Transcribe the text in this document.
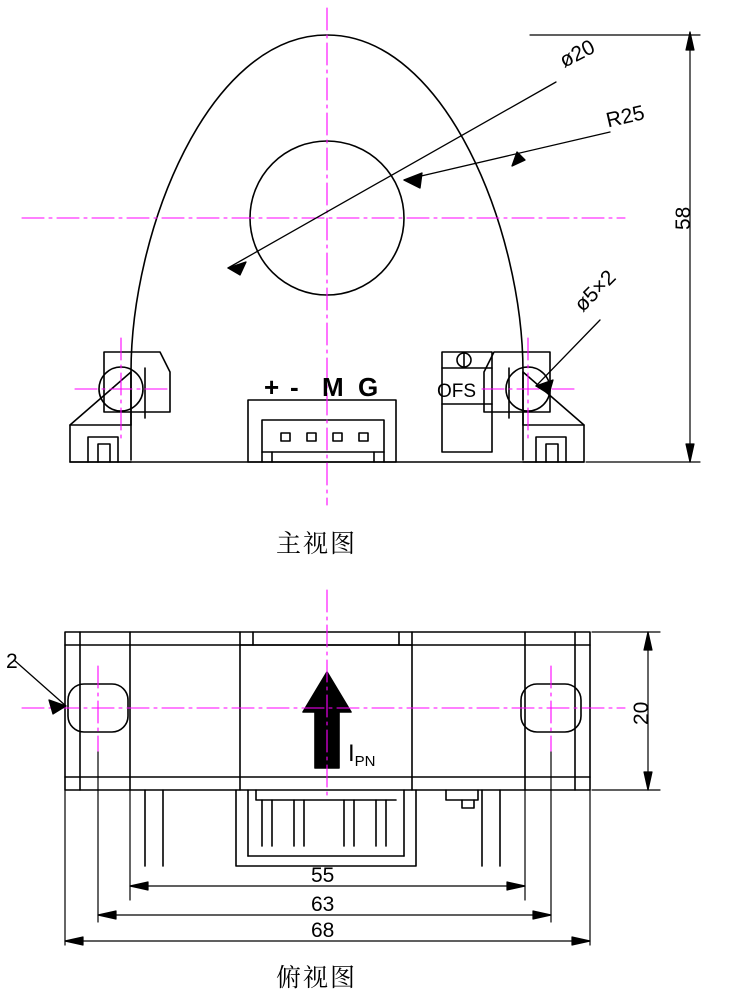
ø20
R25
ø5×2
58
+ - M G	OFS
主视图
2
20
$I_{PN}$
55
63
68
俯视图
